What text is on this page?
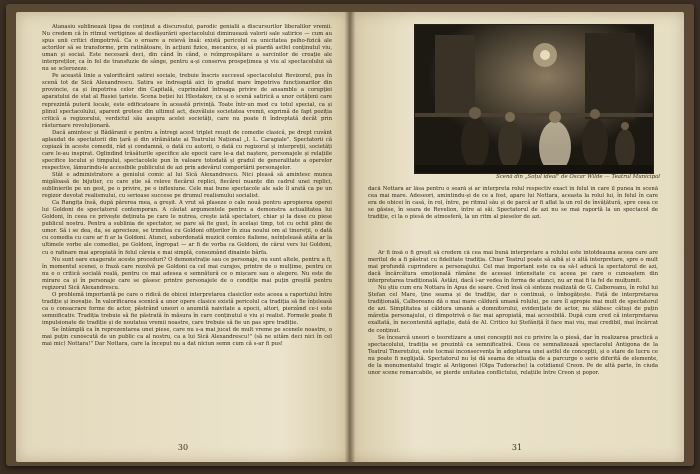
Atanasiu sublinează lipsa de conținut a discursului, parodic genialii a discursurilor liberalilor vremii. Nu credem că în ritmul vertiginos al desfășurării spectacolului diminuează valorii sale satirice — cum au spus unii critici dimpotrivă. Ca o eroare a reievă însă: există pericolul ca unicitatea psiho-fizică ale actorilor să se transforme, prin ratinătoare, în acțiuni fizice, mecanice, și să piardă astfel conținutul viu, uman și social. Este necesară deci, din când în când, o reîmprospătare a sarcinilor de creație ale interpreților, ca în fel de transfuzie de sânge, pentru a-și conserva prospețimea și viu al spectacolului să nu se sclerozeze.

Pe această linie a valorificării satirei sociale, trebuie înscris succesul spectacolului Revizorul, pus în scenă tot de Sică Alexandrescu. Satira se îndreaptă aici în gradul mare împotriva funcționarilor din provincie, ca și împotriva celor din Capitală, cuprinzând întreaga privire de ansamblu a corupției aparatului de stat al Rusiei țariste. Scena beției lui Hlestakov, ca și o scenă satirică a unor cetățeni care reprezintă puterii locale, este edificatoare în această privință. Toate într-un mod cu totul special, ca și plinul spectacolului, aparent grotesc din ultimul act, dezvăluie societatea vremii, exprimă de fapt poziția critică a regizorului, verdictul său asupra acelei societăți, care nu poate fi îndreptată decât prin răsturnare revoluționară.

Dacă amintesc și Bădăranii e pentru a întregi acest triplet reușit de comedie clasică, pe drept cuvânt aplaudat de spectatorii din țară și din străinătate ai Teatrului Național „I. L. Caragiale". Spectatorii că copiază în aceste comedii, râd și condamnă, o dată cu autorii, o dată cu regizorul și interpreții, societăți care le-au inspirat. Oglindind trăsăturile specifice ale epocii care le-a dat naștere, personajele și relațiile specifice locului și timpului, spectacolele pun în valoare totodată și gradul de generalitate a operelor respective, lămurindu-le accesibile publicului de azi prin adevărul comportării personajelor.

Stăt e administratore a geniului comic al lui Sică Alexandrescu. Nici pleasă să amintesc munca migăloasă de bijutier, cu care știe să releve fiecărui replici, fiecărei nuanțe din cadrul unei replici, sublinierile pe un gest, pe o privire, pe o inflexiune. Cele mai bune spectacole ale sale îl arată ca pe un regizor devotat realismului, cu serioase succese pe drumul realismului socialist.

Ca Rangița însă, după părerea mea, a greșit. A vrut să plaseze o cale nouă pentru apropierea operei lui Goldoni de spectatorul contemporan. A căutat argumentele pentru a demonstra actualitatea lui Goldoni, în ceea ce privește deținuta pe care le nutrea, crește iată spectatori, chiar și la dese cu piese publicul nostru. Pentru a sublinia de spectator, se pare să fie gust, în același timp, tot cu ochii plini de umor. Să i se dea, da, se aprecieze, se trimitea cu Goldoni ofițerilor în ziua noului om al tinereții, o dată cu comedia cu care ar fi ar la Goldoni. Atunci, subordonată muzicii comice italiene, neînțeleasă atâta ar la ultimele vorbe ale comediei, pe Goldoni, îngropat — ar fi de vorba ca Goldoni, de cărui vers lui Goldoni, cu o rafinare mai apropiată în felul căreia e mai simplă, consumând dinainte bârfa.

Nu sunt oare exagerate aceste proceduri? O demonstrație sau ce personaje, nu sunt altele, pentru a fi, în momentul scenei, o frază care rezolvă pe Goldoni ca cel mai curajos, printre de o mulțime, pentru ce nu e o critică socială reală, pentru ce mai adesea e semnătură ce o mișcare sau o alegere. Nu este de mirare ca și în personaje care se găsesc printre personajele de o condiție mai puțin greșită pentru regizorul Sică Alexandrescu.

O problemă importantă pe care o ridică de obicei interpretarea clasicilor este aceea a raportului între tradiție și inovație. În valorificarea scenică a unor opere clasice există pericolul ca tradiția să fie înțeleasă ca o consacrare forme de actor, păstrând uneori o anumită naivitate a epocii, altori, pierzând ce-i este semnificativ. Tradiția trebuie să fie păstrată în măsura în care conținutul e viu și realist. Formele poate fi impulsionate de tradiție și de noutatea vremii noastre, care trebuie să fie un pas spre tradiție.

Se întâmplă ca în reprezentarea unei piese, care nu s-a mai jucat de mult vreme pe scenele noastre, o mai puțin cunoscută de un public ca al nostru, ca a lui Sică Alexandrescu!" (să ne uităm deci nici în cel mai mic) Nottara!" Dar Nottara, care la început nu a dat niciun semn cum că s-ar fi pus!

30
Scenă din „Soțul ideal" de Oscar Wilde — Teatrul Municipal

dacă Nottara ar lăsa pentru o seară și ar interpreta rolul respectiv exact în felul în care îl punea în scenă cea mai mare. Adeseori, amintindu-și de ce a fost, apare lui Nottara, aceasta la rolul lui, în felul în care era de obicei în casă, în rol, între, pe ritmul său și de parcă ar fi aflat la un rol de învățătură, spre ceea ce se găsise, în seara de Revelion, între ai săi. Spectatorul de azi nu se mai raportă la un spectacol de tradiție, ci la o piesă de atmosferă, la un ritm al pieselor de azi.

Ar fi însă o fi greșit să credem că cea mai bună interpretare a rolului este întotdeauna aceea care are meritul de a fi păstrat cu fidelitate tradiția. Chiar Teatrul poate să aibă și o altă interpretare, spre o mult mai profundă cuprindere a personajului. Cel mai important este ca ea să-l aducă la spectatorul de azi, dacă încărcătura emoțională rămâne de aceeași intensitate cu aceea pe care o cunoaștem din interpretarea tradițională. Astăzi, dacă i-ar vedea în forma de atunci, nu ar mai fi la fel de mulțumit.

Nu știu cum era Nottara în Apus de soare. Cred însă că sinteza realizată de G. Calboreanu, în rolul lui Ștefan cel Mare, ține seama și de tradiție, dar o continuă, o îmbogățește. Față de interpretarea tradițională, Calboreanu dă o mai mare căldură umană rolului, pe care îl apropie mai mult de spectatorul de azi. Simplitatea și căldura umană a domnitorului, evidențiate de actor, nu slăbesc câtuși de puțin măreția personajului, ci dimpotrivă o fac mai apropiată, mai accesibilă. După cum cred că interpretarea exaltată, în necontenită agitație, dată de Al. Critico lui Ștefăniță îl face mai viu, mai credibil, mai încărcat de conținut.

Se încearcă uneori o teoretizare a unei concepții noi cu privire la o piesă, dar în realizarea practică a spectacolului, tradiția se prezintă ca semnificativă. Ceea ce semnalizează spectacolul Antigona de la Teatrul Tineretului, este tocmai inconsecvența în adoptarea unei astfel de concepții, și o stare de lucru ce nu poate fi neglijată. Spectatorul nu își dă seama de situația de a parcurge o serie diferită de elemente, de la monumentalul tragic al Antigonei (Olga Tudorache) la cotidianul Creon. Pe de altă parte, în ciuda unor scene remarcabile, se pierde unitatea conflictului, relațiile între Creon și popor.

31
